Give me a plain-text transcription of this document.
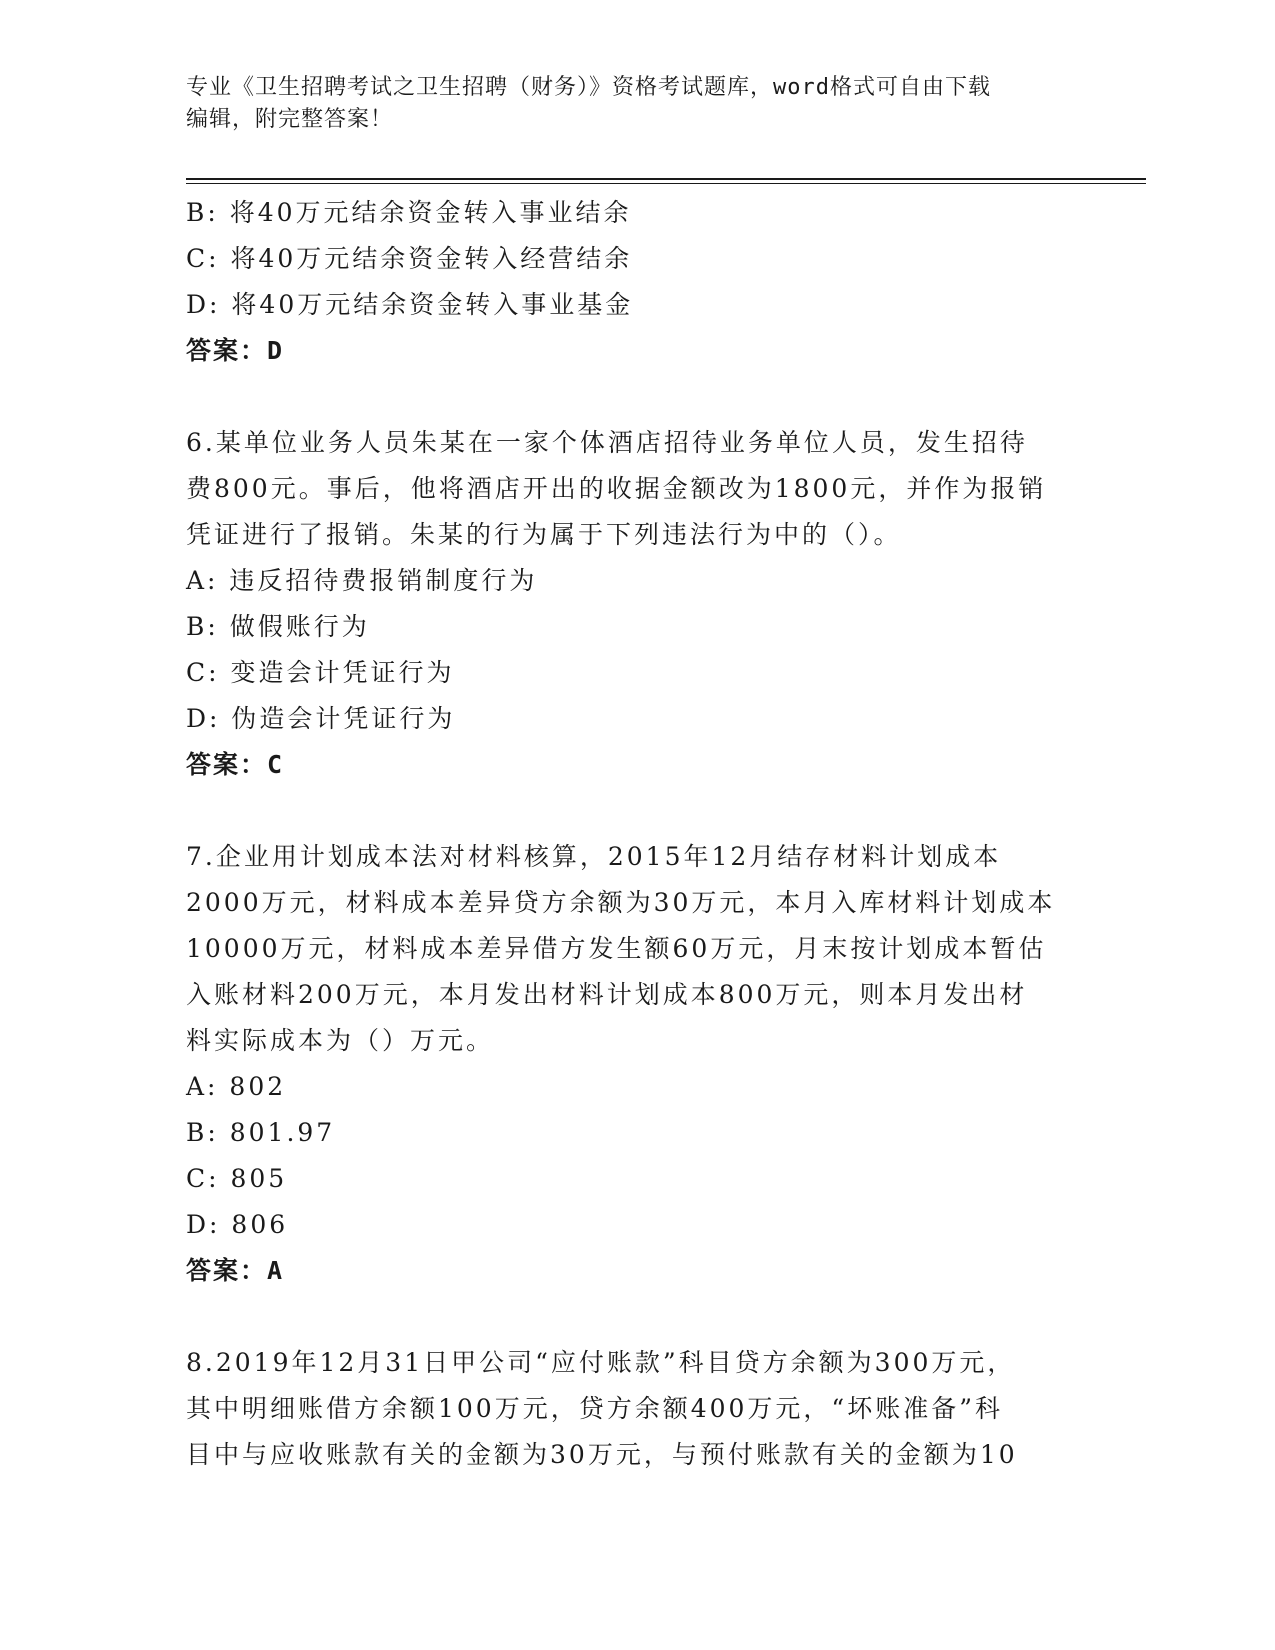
专业《卫生招聘考试之卫生招聘（财务）》资格考试题库，word格式可自由下载
编辑，附完整答案！
B: 将40万元结余资金转入事业结余
C: 将40万元结余资金转入经营结余
D: 将40万元结余资金转入事业基金
答案：D
6.某单位业务人员朱某在一家个体酒店招待业务单位人员，发生招待
费800元。事后，他将酒店开出的收据金额改为1800元，并作为报销
凭证进行了报销。朱某的行为属于下列违法行为中的（）。
A: 违反招待费报销制度行为
B: 做假账行为
C: 变造会计凭证行为
D: 伪造会计凭证行为
答案：C
7.企业用计划成本法对材料核算，2015年12月结存材料计划成本
2000万元，材料成本差异贷方余额为30万元，本月入库材料计划成本
10000万元，材料成本差异借方发生额60万元，月末按计划成本暂估
入账材料200万元，本月发出材料计划成本800万元，则本月发出材
料实际成本为（）万元。
A: 802
B: 801.97
C: 805
D: 806
答案：A
8.2019年12月31日甲公司“应付账款”科目贷方余额为300万元，
其中明细账借方余额100万元，贷方余额400万元，“坏账准备”科
目中与应收账款有关的金额为30万元，与预付账款有关的金额为10
